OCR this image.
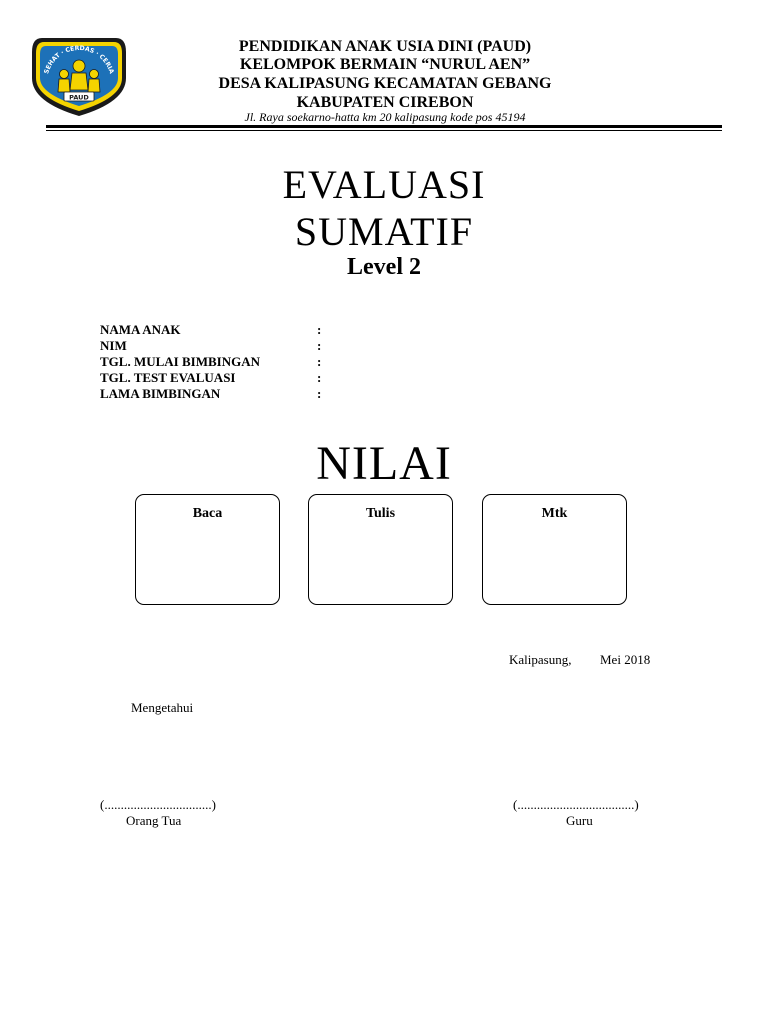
SEHAT · CERDAS · CERIA
PAUD
PENDIDIKAN ANAK USIA DINI (PAUD)
KELOMPOK BERMAIN “NURUL AEN”
DESA KALIPASUNG KECAMATAN GEBANG
KABUPATEN CIREBON
Jl. Raya soekarno-hatta km 20 kalipasung kode pos 45194
EVALUASI
SUMATIF
Level 2
NAMA ANAK	:
NIM	:
TGL. MULAI BIMBINGAN	:
TGL. TEST EVALUASI	:
LAMA BIMBINGAN	:
NILAI
Baca	Tulis	Mtk
Kalipasung, Mei 2018
Mengetahui
(.................................)
Orang Tua
(....................................)
Guru
